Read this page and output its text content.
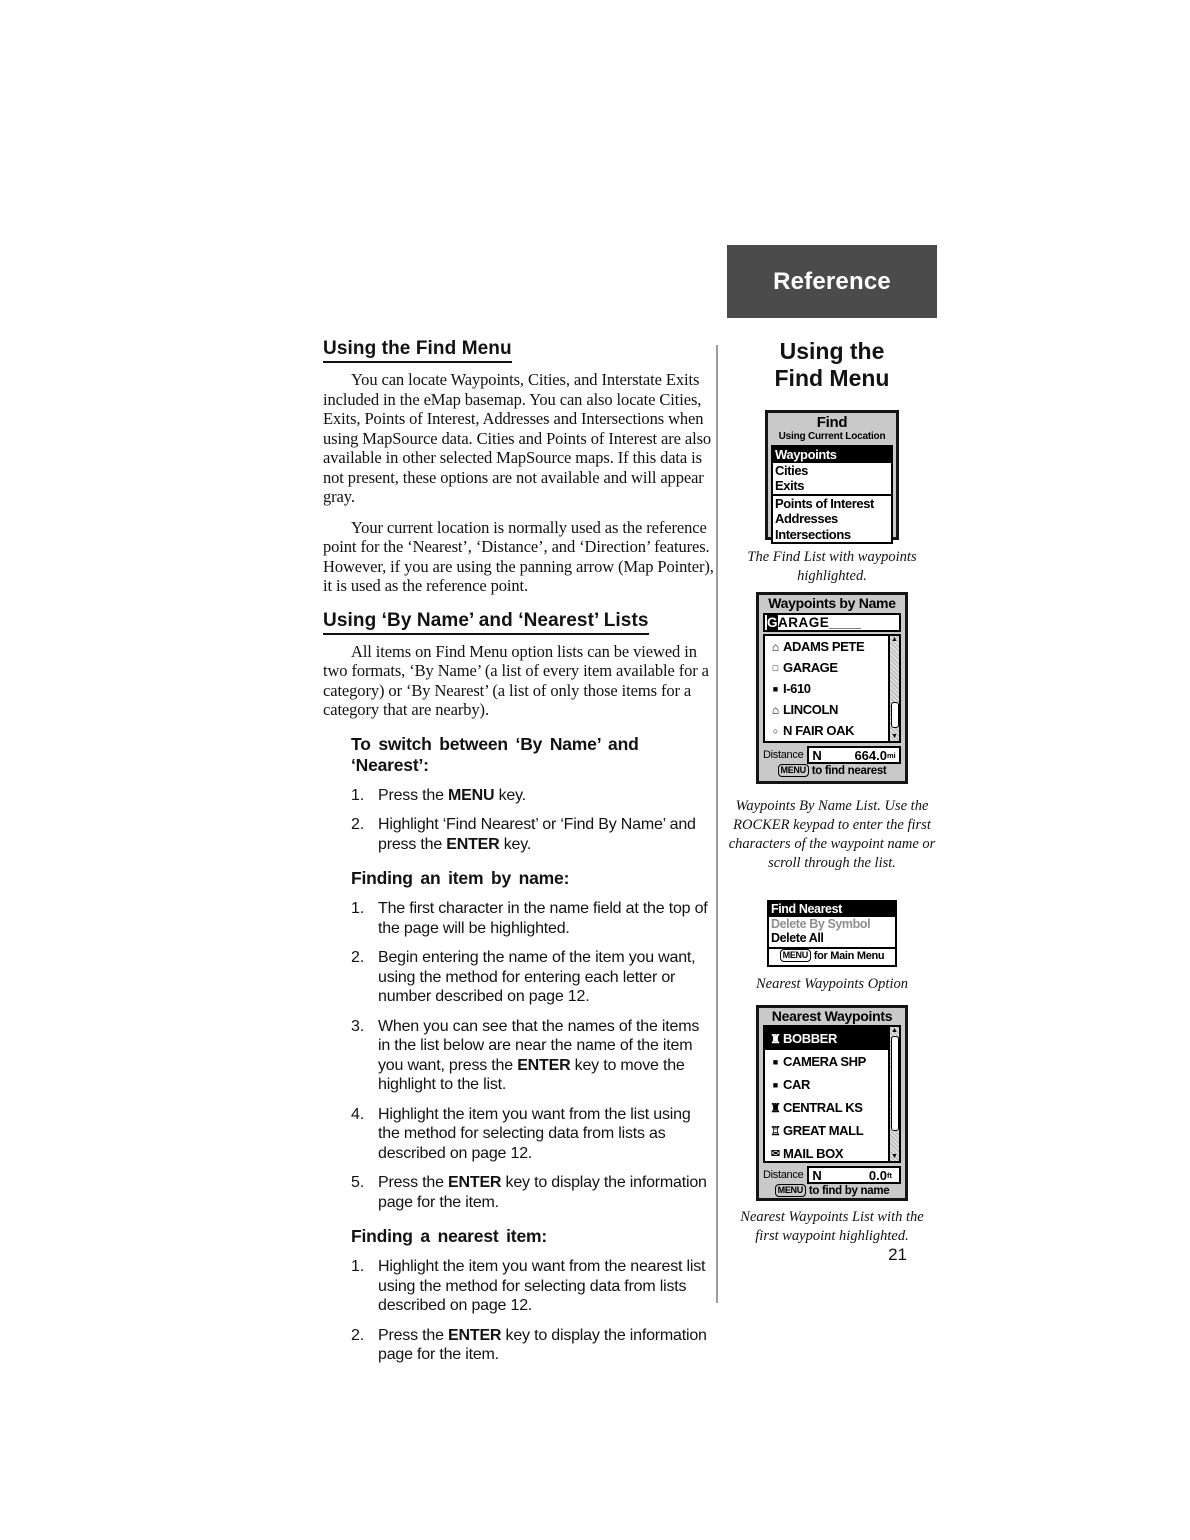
Reference
Using the Find Menu
You can locate Waypoints, Cities, and Interstate Exits included in the eMap basemap. You can also locate Cities, Exits, Points of Interest, Addresses and Intersections when using MapSource data. Cities and Points of Interest are also available in other selected MapSource maps. If this data is not present, these options are not available and will appear gray.
Your current location is normally used as the reference point for the ‘Nearest’, ‘Distance’, and ‘Direction’ features. However, if you are using the panning arrow (Map Pointer), it is used as the reference point.
Using ‘By Name’ and ‘Nearest’ Lists
All items on Find Menu option lists can be viewed in two formats, ‘By Name’ (a list of every item available for a category) or ‘By Nearest’ (a list of only those items for a category that are nearby).
To switch between ‘By Name’ and ‘Nearest’:
1. Press the MENU key.
2. Highlight ‘Find Nearest’ or ‘Find By Name’ and press the ENTER key.
Finding an item by name:
1. The first character in the name field at the top of the page will be highlighted.
2. Begin entering the name of the item you want, using the method for entering each letter or number described on page 12.
3. When you can see that the names of the items in the list below are near the name of the item you want, press the ENTER key to move the highlight to the list.
4. Highlight the item you want from the list using the method for selecting data from lists as described on page 12.
5. Press the ENTER key to display the information page for the item.
Finding a nearest item:
1. Highlight the item you want from the nearest list using the method for selecting data from lists described on page 12.
2. Press the ENTER key to display the information page for the item.
Using the
Find Menu
Find
Using Current Location
Waypoints
Cities
Exits
Points of Interest
Addresses
Intersections
The Find List with waypoints highlighted.
Waypoints by Name
GARAGE____
⌂ ADAMS PETE
□ GARAGE
■ I-610
⌂ LINCOLN
○ N FAIR OAK
▲
▼
Distance N	664.0 mi
MENU to find nearest
Waypoints By Name List. Use the ROCKER keypad to enter the first characters of the waypoint name or scroll through the list.
Find Nearest
Delete By Symbol
Delete All
MENU for Main Menu
Nearest Waypoints Option
Nearest Waypoints
♜ BOBBER
■ CAMERA SHP
■ CAR
♜ CENTRAL KS
♖ GREAT MALL
✉ MAIL BOX
▲
▼
Distance N	0.0 ft
MENU to find by name
Nearest Waypoints List with the first waypoint highlighted.
21
